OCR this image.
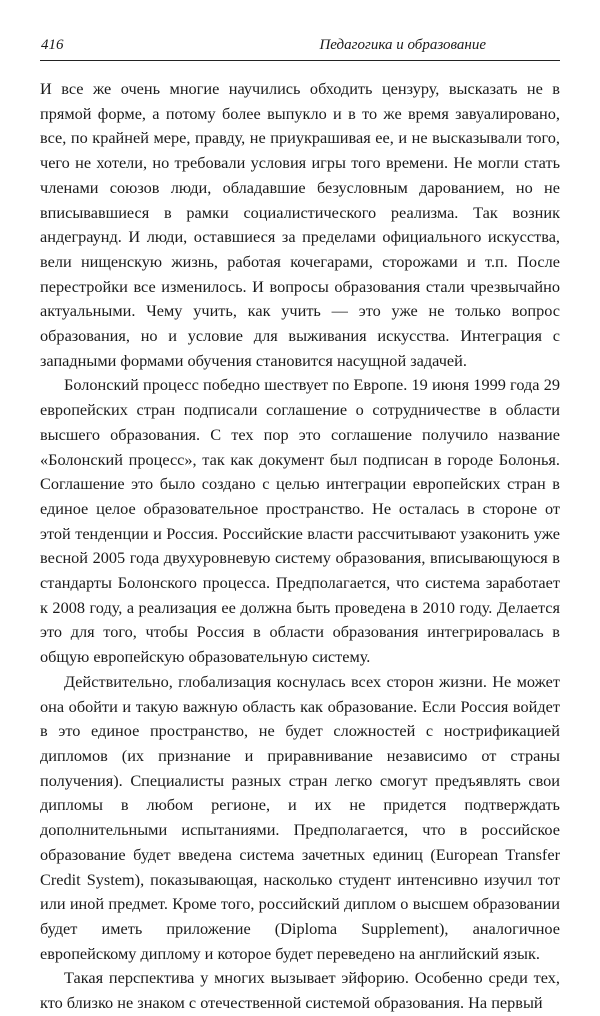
416	Педагогика и образование

И все же очень многие научились обходить цензуру, высказать не в прямой форме, а потому более выпукло и в то же время завуалировано, все, по крайней мере, правду, не приукрашивая ее, и не высказывали того, чего не хотели, но требовали условия игры того времени. Не могли стать членами союзов люди, обладавшие безусловным дарованием, но не вписывавшиеся в рамки социалистического реализма. Так возник андеграунд. И люди, оставшиеся за пределами официального искусства, вели нищенскую жизнь, работая кочегарами, сторожами и т.п. После перестройки все изменилось. И вопросы образования стали чрезвычайно актуальными. Чему учить, как учить — это уже не только вопрос образования, но и условие для выживания искусства. Интеграция с западными формами обучения становится насущной задачей.

Болонский процесс победно шествует по Европе. 19 июня 1999 года 29 европейских стран подписали соглашение о сотрудничестве в области высшего образования. С тех пор это соглашение получило название «Болонский процесс», так как документ был подписан в городе Болонья. Соглашение это было создано с целью интеграции европейских стран в единое целое образовательное пространство. Не осталась в стороне от этой тенденции и Россия. Российские власти рассчитывают узаконить уже весной 2005 года двухуровневую систему образования, вписывающуюся в стандарты Болонского процесса. Предполагается, что система заработает к 2008 году, а реализация ее должна быть проведена в 2010 году. Делается это для того, чтобы Россия в области образования интегрировалась в общую европейскую образовательную систему.

Действительно, глобализация коснулась всех сторон жизни. Не может она обойти и такую важную область как образование. Если Россия войдет в это единое пространство, не будет сложностей с нострификацией дипломов (их признание и приравнивание независимо от страны получения). Специалисты разных стран легко смогут предъявлять свои дипломы в любом регионе, и их не придется подтверждать дополнительными испытаниями. Предполагается, что в российское образование будет введена система зачетных единиц (European Transfer Credit System), показывающая, насколько студент интенсивно изучил тот или иной предмет. Кроме того, российский диплом о высшем образовании будет иметь приложение (Diploma Supplement), аналогичное европейскому диплому и которое будет переведено на английский язык.

Такая перспектива у многих вызывает эйфорию. Особенно среди тех, кто близко не знаком с отечественной системой образования. На первый
